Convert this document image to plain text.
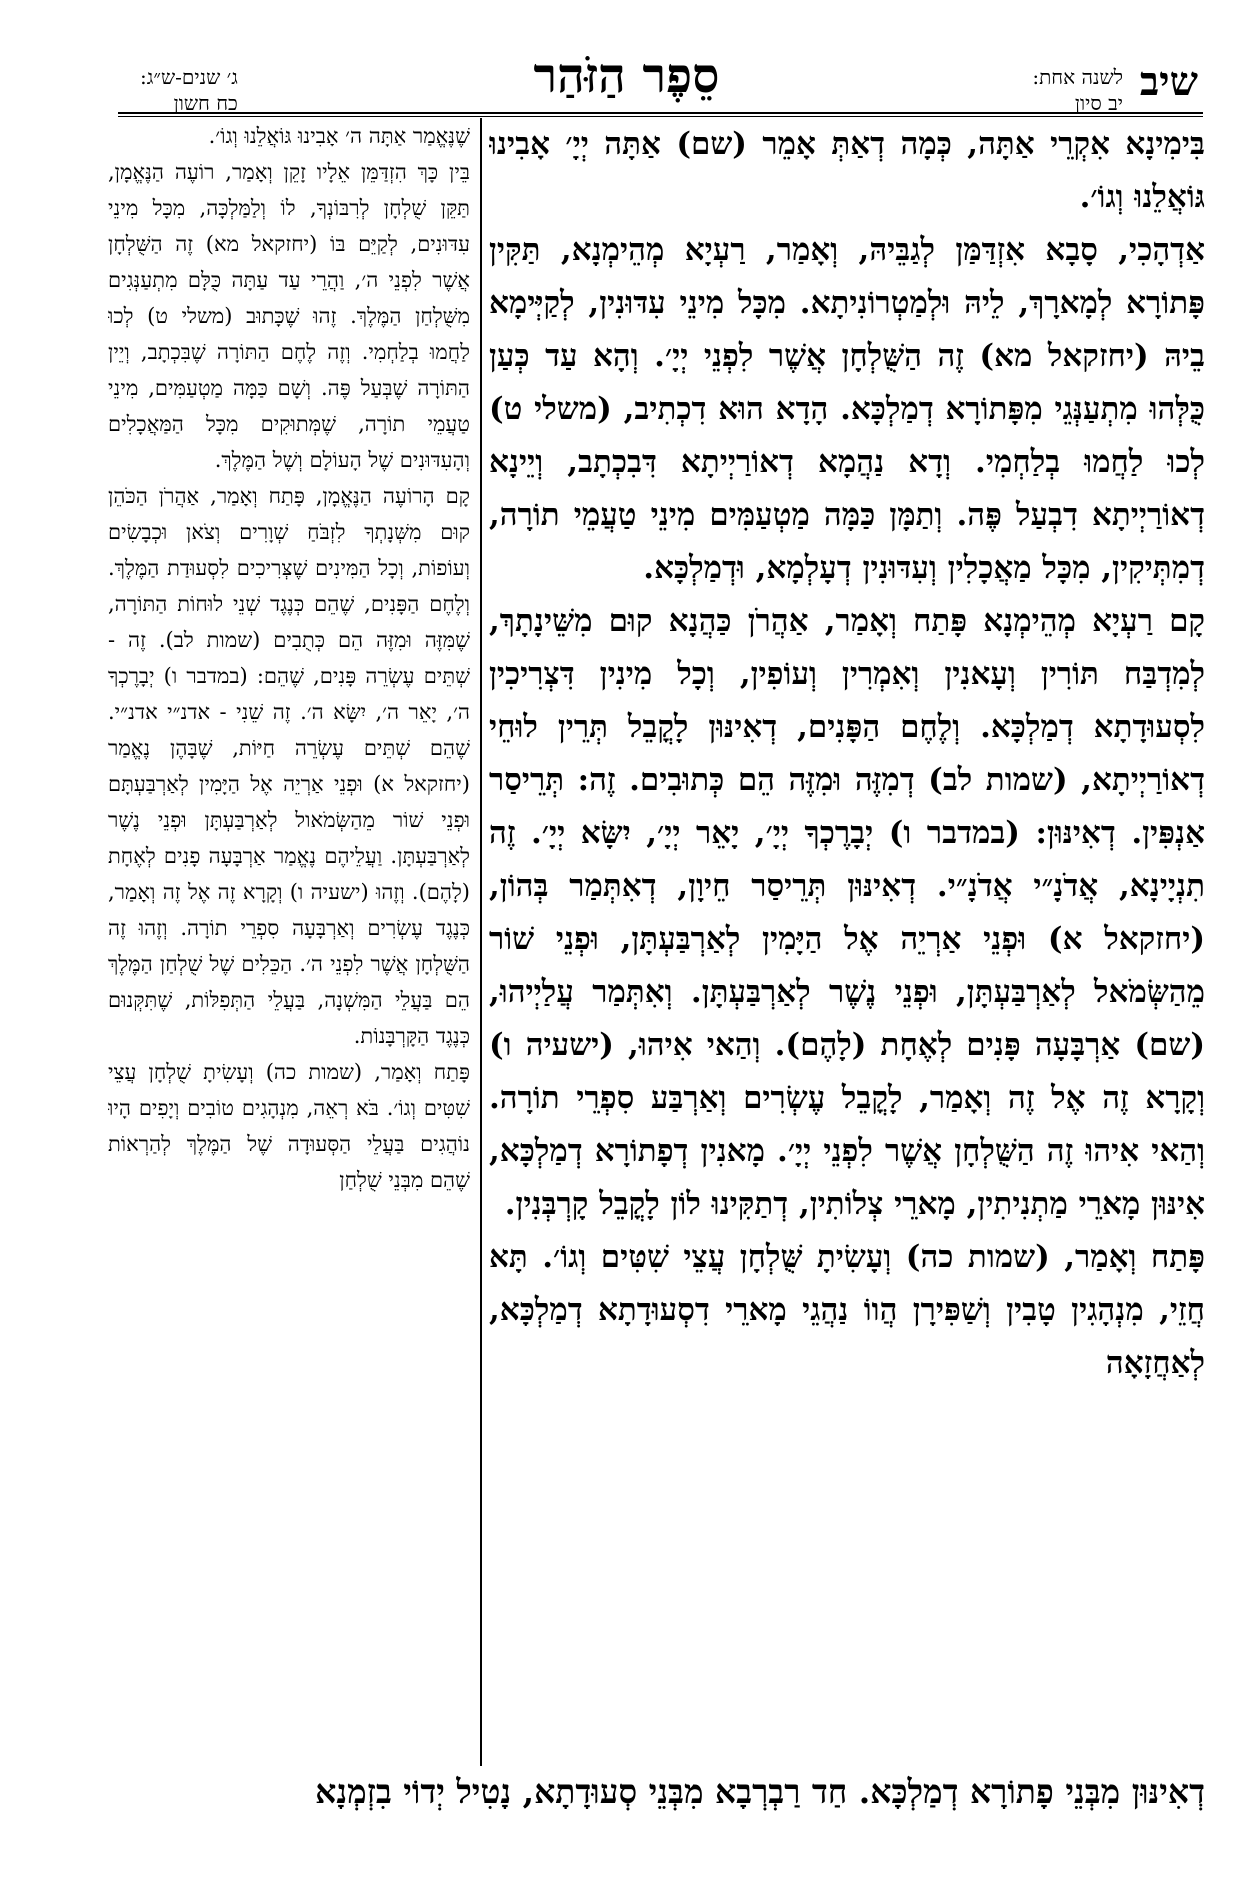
שיב
לשנה אחת:
יב סיון
סֵפֶר הַזֹּהַר
ג׳ שנים-ש״ג:
כח חשון

בִּימִינָא אִקְרֵי אַתָּה, כְּמָה דְאַתְּ אָמֵר (שם) אַתָּה יְיָ׳ אָבִינוּ גּוֹאֲלֵנוּ וְגוֹ׳.

אַדְהָכִי, סָבָא אִזְדַּמַּן לְגַבֵּיהּ, וְאָמַר, רַעְיָא מְהֵימְנָא, תַּקִּין פָּתוֹרָא לְמָארָךְ, לֵיהּ וּלְמַטְרוֹנִיתָא. מִכָּל מִינֵי עִדּוּנִין, לְקַיְּימָא בֵיהּ (יחזקאל מא) זֶה הַשֻּׁלְחָן אֲשֶׁר לִפְנֵי יְיָ׳. וְהָא עַד כְּעַן כֻּלְּהוּ מִתְעַנְּגֵי מִפָּתוֹרָא דְמַלְכָּא. הָדָא הוּא דִכְתִיב, (משלי ט) לְכוּ לַחֲמוּ בְלַחְמִי. וְדָא נַהֲמָא דְאוֹרַיְיתָא דִּבִכְתָב, וְיֵינָא דְאוֹרַיְיתָא דִבְעַל פֶּה. וְתַמָּן כַּמָּה מַטְעַמִּים מִינֵי טַעֲמֵי תוֹרָה, דְמִתְּיקִין, מִכָּל מַאֲכָלִין וְעִדּוּנִין דְעָלְמָא, וּדְמַלְכָּא.

קָם רַעְיָא מְהֵימְנָא פָּתַח וְאָמַר, אַהֲרֹן כַּהֲנָא קוּם מִשֵּׁינָתָךְ, לְמִדְבַּח תּוֹרִין וְעָאנִין וְאִמְרִין וְעוֹפִין, וְכָל מִינִין דִּצְרִיכִין לִסְעוּדָתָא דְמַלְכָּא. וְלֶחֶם הַפָּנִים, דְאִינּוּן לָקֳבֵל תְּרֵין לוּחֵי דְאוֹרַיְיתָא, (שמות לב) דְמִזֶּה וּמִזֶּה הֵם כְּתוּבִים. זֶה: תְּרֵיסַר אַנְפִּין. דְאִינּוּן: (במדבר ו) יְבָרֶכְךָ יְיָ׳, יָאֵר יְיָ׳, יִשָּׂא יְיָ׳. זֶה תִנְיָינָא, אֲדֹנָ״י אֲדֹנָ״י. דְאִינּוּן תְּרֵיסַר חֵיוָן, דְאִתְּמַר בְּהוֹן, (יחזקאל א) וּפְנֵי אַרְיֵה אֶל הַיָּמִין לְאַרְבַּעְתָּן, וּפְנֵי שׁוֹר מֵהַשְּׂמֹאל לְאַרְבַּעְתָּן, וּפְנֵי נֶשֶׁר לְאַרְבַּעְתָּן. וְאִתְּמַר עֲלַיְיהוּ, (שם) אַרְבָּעָה פָּנִים לְאֶחָת (לָהֶם). וְהַאי אִיהוּ, (ישעיה ו) וְקָרָא זֶה אֶל זֶה וְאָמַר, לָקֳבֵל עֶשְׂרִים וְאַרְבַּע סִפְרֵי תוֹרָה. וְהַאי אִיהוּ זֶה הַשֻּׁלְחָן אֲשֶׁר לִפְנֵי יְיָ׳. מָאנִין דְפָתוֹרָא דְמַלְכָּא, אִינּוּן מָארֵי מַתְנִיתִין, מָארֵי צְלוֹתִין, דְתַקִּינוּ לוֹן לָקֳבֵל קָרְבְּנִין.

פָּתַח וְאָמַר, (שמות כה) וְעָשִׂיתָ שֻּׁלְחָן עֲצֵי שִׁטִּים וְגוֹ׳. תָּא חֲזֵי, מִנְהָגִין טָבִין וְשַׁפִּירָן הֲווֹ נַהֲגֵי מָארֵי דִסְעוּדָתָא דְמַלְכָּא, לְאַחֲזָאָה

שֶׁנֶּאֱמַר אַתָּה ה׳ אָבִינוּ גּוֹאֲלֵנוּ וְגוֹ׳.

בֵּין כָּךְ הִזְדַּמֵּן אֵלָיו זָקֵן וְאָמַר, רוֹעֶה הַנֶּאֱמָן, תַּקֵּן שֻׁלְחָן לְרִבּוֹנְךָ, לוֹ וְלַמַּלְכָּה, מִכָּל מִינֵי עִדּוּנִים, לְקַיֵּם בּוֹ (יחזקאל מא) זֶה הַשֻּׁלְחָן אֲשֶׁר לִפְנֵי ה׳, וַהֲרֵי עַד עַתָּה כֻּלָּם מִתְעַנְּגִים מִשֻּׁלְחַן הַמֶּלֶךְ. זֶהוּ שֶׁכָּתוּב (משלי ט) לְכוּ לַחֲמוּ בְלַחְמִי. וְזֶה לֶחֶם הַתּוֹרָה שֶׁבִּכְתָב, וְיֵין הַתּוֹרָה שֶׁבְּעַל פֶּה. וְשָׁם כַּמָּה מַטְעַמִּים, מִינֵי טַעֲמֵי תוֹרָה, שֶׁמְּתוּקִים מִכָּל הַמַּאֲכָלִים וְהָעִדּוּנִים שֶׁל הָעוֹלָם וְשֶׁל הַמֶּלֶךְ.

קָם הָרוֹעֶה הַנֶּאֱמָן, פָּתַח וְאָמַר, אַהֲרֹן הַכֹּהֵן קוּם מִשְּׁנָתְךָ לִזְבֹּחַ שְׁוָרִים וְצֹאן וּכְבָשִׂים וְעוֹפוֹת, וְכָל הַמִּינִים שֶׁצְּרִיכִים לִסְעוּדַת הַמֶּלֶךְ. וְלֶחֶם הַפָּנִים, שֶׁהֵם כְּנֶגֶד שְׁנֵי לוּחוֹת הַתּוֹרָה, שֶׁמִּזֶּה וּמִזֶּה הֵם כְּתֻבִים (שמות לב). זֶה - שְׁתֵּים עֶשְׂרֵה פָּנִים, שֶׁהֵם: (במדבר ו) יְבָרֶכְךָ ה׳, יָאֵר ה׳, יִשָּׂא ה׳. זֶה שֵׁנִי - אדנ״י אדנ״י. שֶׁהֵם שְׁתֵּים עֶשְׂרֵה חַיּוֹת, שֶׁבָּהֶן נֶאֱמַר (יחזקאל א) וּפְנֵי אַרְיֵה אֶל הַיָּמִין לְאַרְבַּעְתָּם וּפְנֵי שׁוֹר מֵהַשְּׂמֹאול לְאַרְבַּעְתָּן וּפְנֵי נֶשֶׁר לְאַרְבַּעְתָּן. וַעֲלֵיהֶם נֶאֱמַר אַרְבָּעָה פָנִים לְאֶחָת (לָהֶם). וְזֶהוּ (ישעיה ו) וְקָרָא זֶה אֶל זֶה וְאָמַר, כְּנֶגֶד עֶשְׂרִים וְאַרְבָּעָה סִפְרֵי תוֹרָה. וְזֶהוּ זֶה הַשֻּׁלְחָן אֲשֶׁר לִפְנֵי ה׳. הַכֵּלִים שֶׁל שֻׁלְחַן הַמֶּלֶךְ הֵם בַּעֲלֵי הַמִּשְׁנָה, בַּעֲלֵי הַתְּפִלּוֹת, שֶׁתִּקְּנוּם כְּנֶגֶד הַקָּרְבָּנוֹת.

פָּתַח וְאָמַר, (שמות כה) וְעָשִׂיתָ שֻׁלְחָן עֲצֵי שִׁטִּים וְגוֹ׳. בֹּא רְאֵה, מִנְהָגִים טוֹבִים וְיָפִים הָיוּ נוֹהֲגִים בַּעֲלֵי הַסְּעוּדָה שֶׁל הַמֶּלֶךְ לְהַרְאוֹת שֶׁהֵם מִבְּנֵי שֻׁלְחַן

דְאִינּוּן מִבְּנֵי פָתוֹרָא דְמַלְכָּא. חַד רַבְרְבָא מִבְּנֵי סְעוּדָתָא, נָטִיל יְדוֹי בִזְמְנָא
